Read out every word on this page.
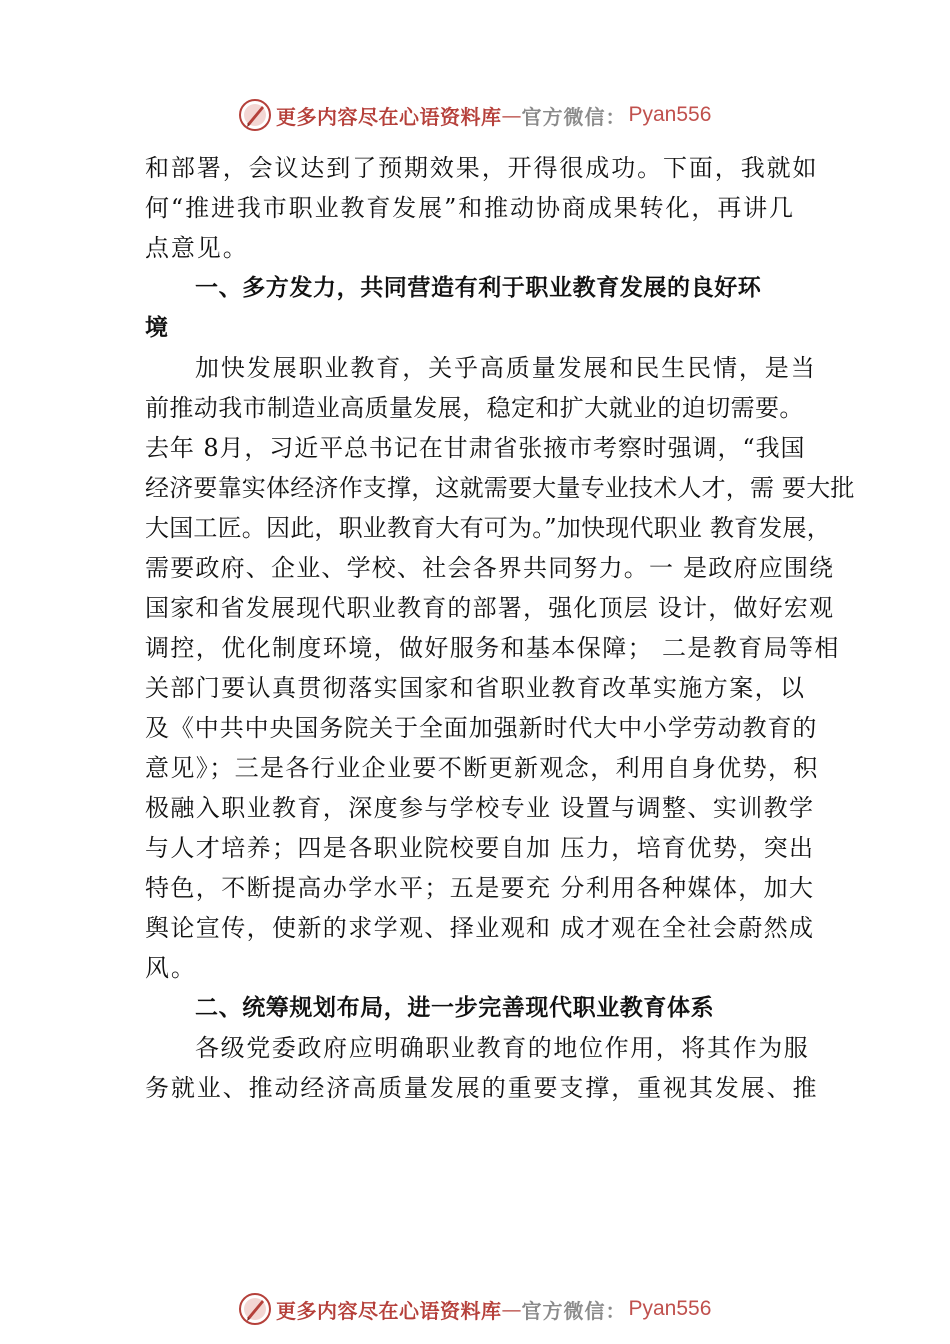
更多内容尽在心语资料库 — 官方微信： Pyan556
和部署，会议达到了预期效果，开得很成功。下面，我就如
何“推进我市职业教育发展”和推动协商成果转化，再讲几
点意见。
一、多方发力，共同营造有利于职业教育发展的良好环
境
加快发展职业教育，关乎高质量发展和民生民情，是当
前推动我市制造业高质量发展，稳定和扩大就业的迫切需要。
去年 8月，习近平总书记在甘肃省张掖市考察时强调，“我国
经济要靠实体经济作支撑，这就需要大量专业技术人才，需 要大批
大国工匠。因此，职业教育大有可为。”加快现代职业 教育发展，
需要政府、企业、学校、社会各界共同努力。一 是政府应围绕
国家和省发展现代职业教育的部署，强化顶层 设计，做好宏观
调控，优化制度环境，做好服务和基本保障； 二是教育局等相
关部门要认真贯彻落实国家和省职业教育改革实施方案，以
及《中共中央国务院关于全面加强新时代大中小学劳动教育的
意见》；三是各行业企业要不断更新观念，利用自身优势，积
极融入职业教育，深度参与学校专业 设置与调整、实训教学
与人才培养；四是各职业院校要自加 压力，培育优势，突出
特色，不断提高办学水平；五是要充 分利用各种媒体，加大
舆论宣传，使新的求学观、择业观和 成才观在全社会蔚然成
风。
二、统筹规划布局，进一步完善现代职业教育体系
各级党委政府应明确职业教育的地位作用，将其作为服
务就业、推动经济高质量发展的重要支撑，重视其发展、推
更多内容尽在心语资料库 — 官方微信： Pyan556
